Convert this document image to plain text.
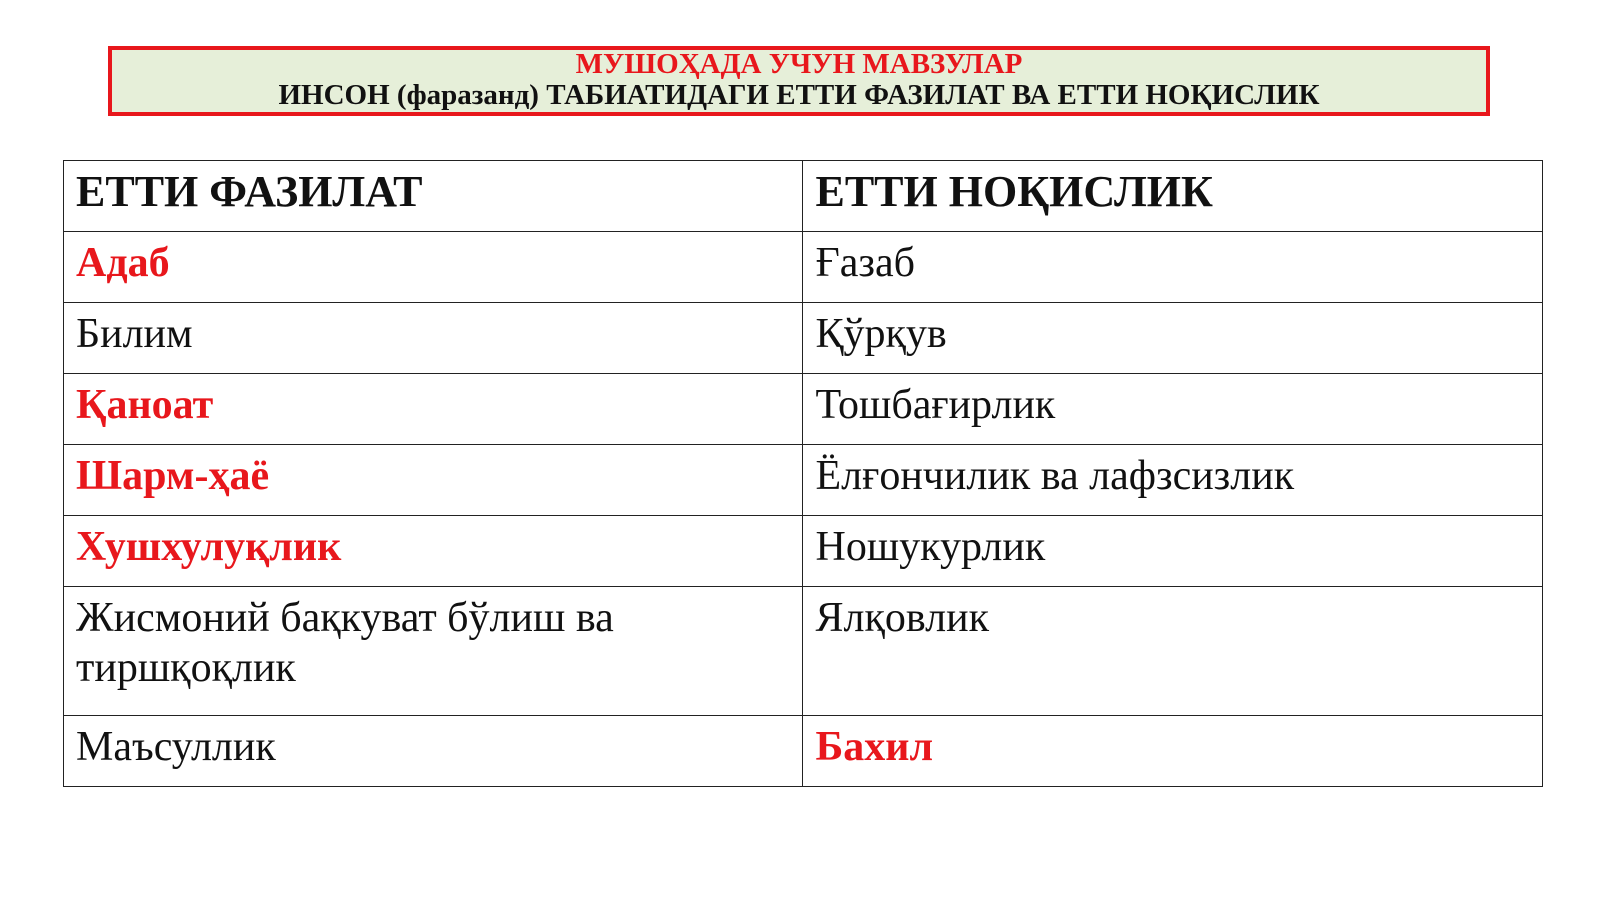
МУШОҲАДА УЧУН МАВЗУЛАР
ИНСОН (фаразанд) ТАБИАТИДАГИ ЕТТИ ФАЗИЛАТ ВА ЕТТИ НОҚИСЛИК
ЕТТИ ФАЗИЛАТ	ЕТТИ НОҚИСЛИК
Адаб	Ғазаб
Билим	Қўрқув
Қаноат	Тошбағирлик
Шарм-ҳаё	Ёлғончилик ва лафзсизлик
Хушхулуқлик	Ношукурлик
Жисмоний бақкуват бўлиш ва тиршқоқлик	Ялқовлик
Маъсуллик	Бахил
